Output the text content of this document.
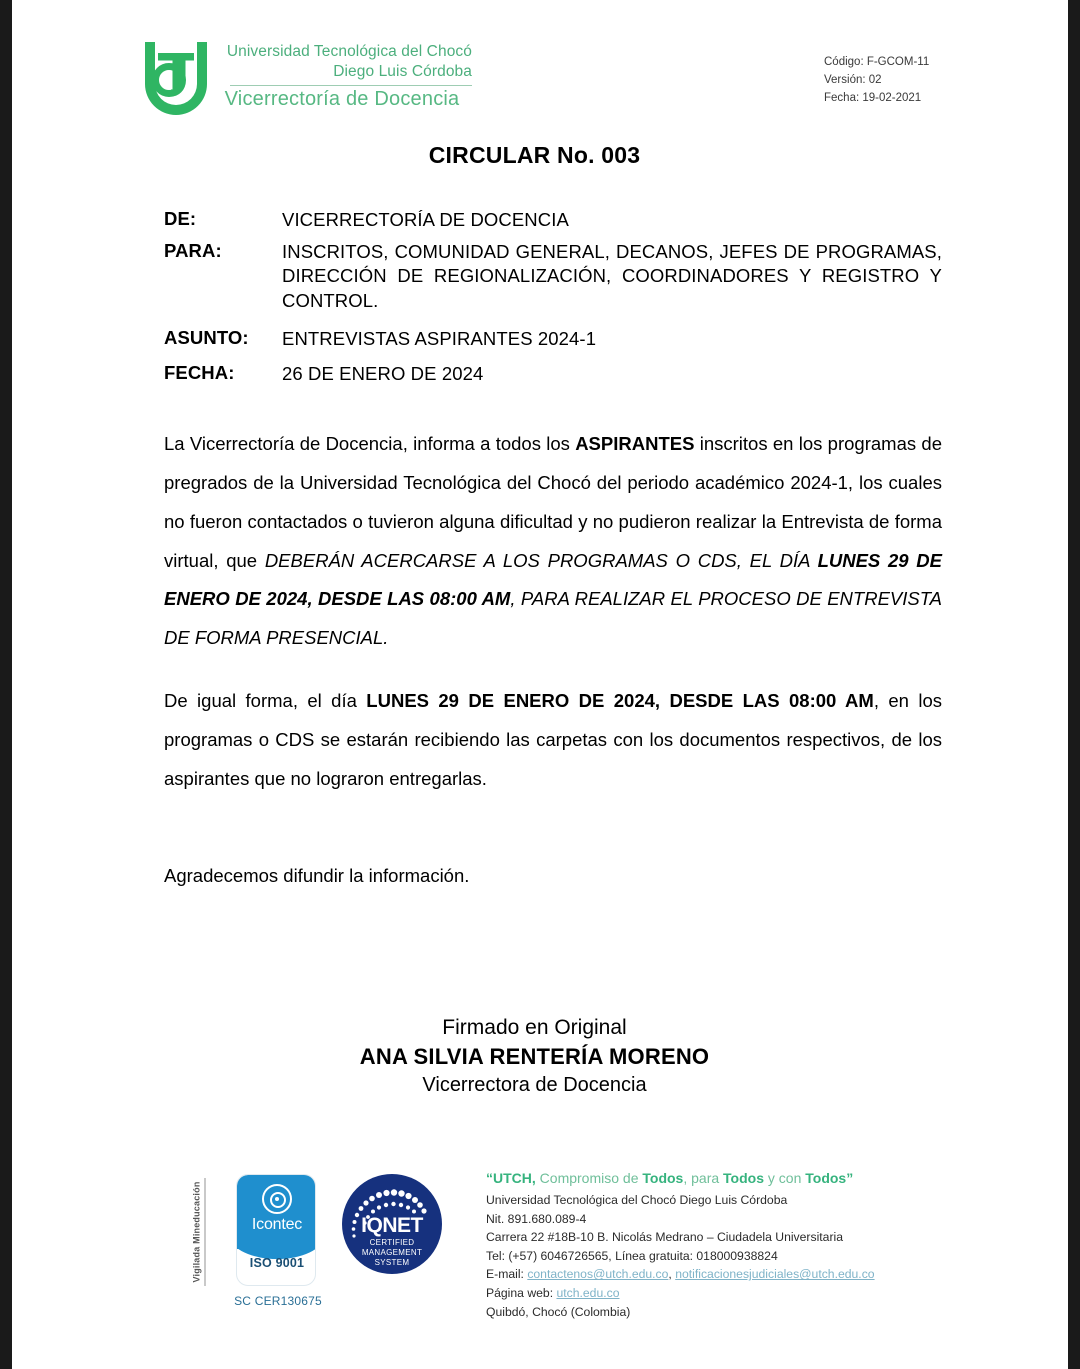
Universidad Tecnológica del Chocó
Diego Luis Córdoba
Vicerrectoría de Docencia
Código: F-GCOM-11
Versión: 02
Fecha: 19-02-2021
CIRCULAR No. 003
DE:	VICERRECTORÍA DE DOCENCIA
PARA:	INSCRITOS, COMUNIDAD GENERAL, DECANOS, JEFES DE PROGRAMAS, DIRECCIÓN DE REGIONALIZACIÓN, COORDINADORES Y REGISTRO Y CONTROL.
ASUNTO:	ENTREVISTAS ASPIRANTES 2024-1
FECHA:	26 DE ENERO DE 2024

La Vicerrectoría de Docencia, informa a todos los ASPIRANTES inscritos en los programas de pregrados de la Universidad Tecnológica del Chocó del periodo académico 2024-1, los cuales no fueron contactados o tuvieron alguna dificultad y no pudieron realizar la Entrevista de forma virtual, que DEBERÁN ACERCARSE A LOS PROGRAMAS O CDS, EL DÍA LUNES 29 DE ENERO DE 2024, DESDE LAS 08:00 AM, PARA REALIZAR EL PROCESO DE ENTREVISTA DE FORMA PRESENCIAL.

De igual forma, el día LUNES 29 DE ENERO DE 2024, DESDE LAS 08:00 AM, en los programas o CDS se estarán recibiendo las carpetas con los documentos respectivos, de los aspirantes que no lograron entregarlas.

Agradecemos difundir la información.

Firmado en Original
ANA SILVIA RENTERÍA MORENO
Vicerrectora de Docencia
Vigilada Mineducación	Icontec
ISO 9001
SC CER130675
IQNET
CERTIFIED
MANAGEMENT
SYSTEM
“UTCH, Compromiso de Todos, para Todos y con Todos”
Universidad Tecnológica del Chocó Diego Luis Córdoba
Nit. 891.680.089-4
Carrera 22 #18B-10 B. Nicolás Medrano – Ciudadela Universitaria
Tel: (+57) 6046726565, Línea gratuita: 018000938824
E-mail: contactenos@utch.edu.co, notificacionesjudiciales@utch.edu.co
Página web: utch.edu.co
Quibdó, Chocó (Colombia)
